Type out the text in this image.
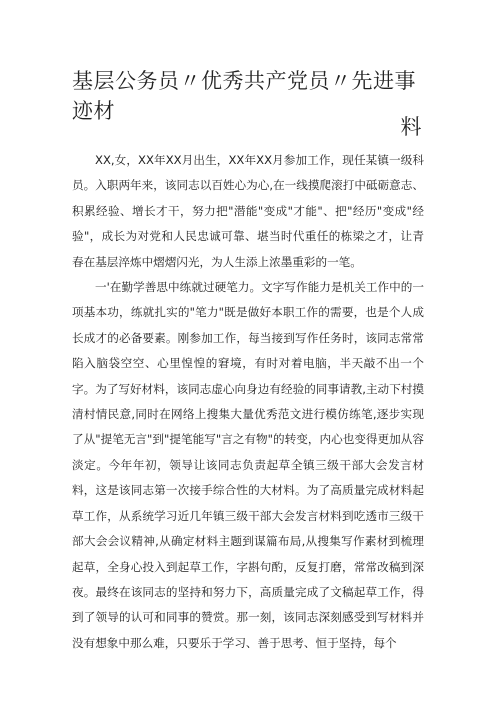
基层公务员〃优秀共产党员〃先进事迹材
料

XX,女，XX年XX月出生，XX年XX月参加工作，现任某镇一级科员。入职两年来，该同志以百姓心为心,在一线摸爬滚打中砥砺意志、积累经验、增长才干，努力把"潜能"变成"才能"、把"经历"变成"经验"，成长为对党和人民忠诚可靠、堪当时代重任的栋梁之才，让青春在基层淬炼中熠熠闪光，为人生添上浓墨重彩的一笔。

一'在勤学善思中练就过硬笔力。文字写作能力是机关工作中的一项基本功，练就扎实的"笔力"既是做好本职工作的需要，也是个人成长成才的必备要素。刚参加工作，每当接到写作任务时，该同志常常陷入脑袋空空、心里惶惶的窘境，有时对着电脑，半天敲不出一个字。为了写好材料，该同志虚心向身边有经验的同事请教,主动下村摸清村情民意,同时在网络上搜集大量优秀范文进行模仿练笔,逐步实现了从"提笔无言"到"提笔能写"言之有物"的转变，内心也变得更加从容淡定。今年年初，领导让该同志负责起草全镇三级干部大会发言材料，这是该同志第一次接手综合性的大材料。为了高质量完成材料起草工作，从系统学习近几年镇三级干部大会发言材料到吃透市三级干部大会会议精神,从确定材料主题到谋篇布局,从搜集写作素材到梳理起草，全身心投入到起草工作，字斟句酌，反复打磨，常常改稿到深夜。最终在该同志的坚持和努力下，高质量完成了文稿起草工作，得到了领导的认可和同事的赞赏。那一刻，该同志深刻感受到写材料并没有想象中那么难，只要乐于学习、善于思考、恒于坚持，每个
